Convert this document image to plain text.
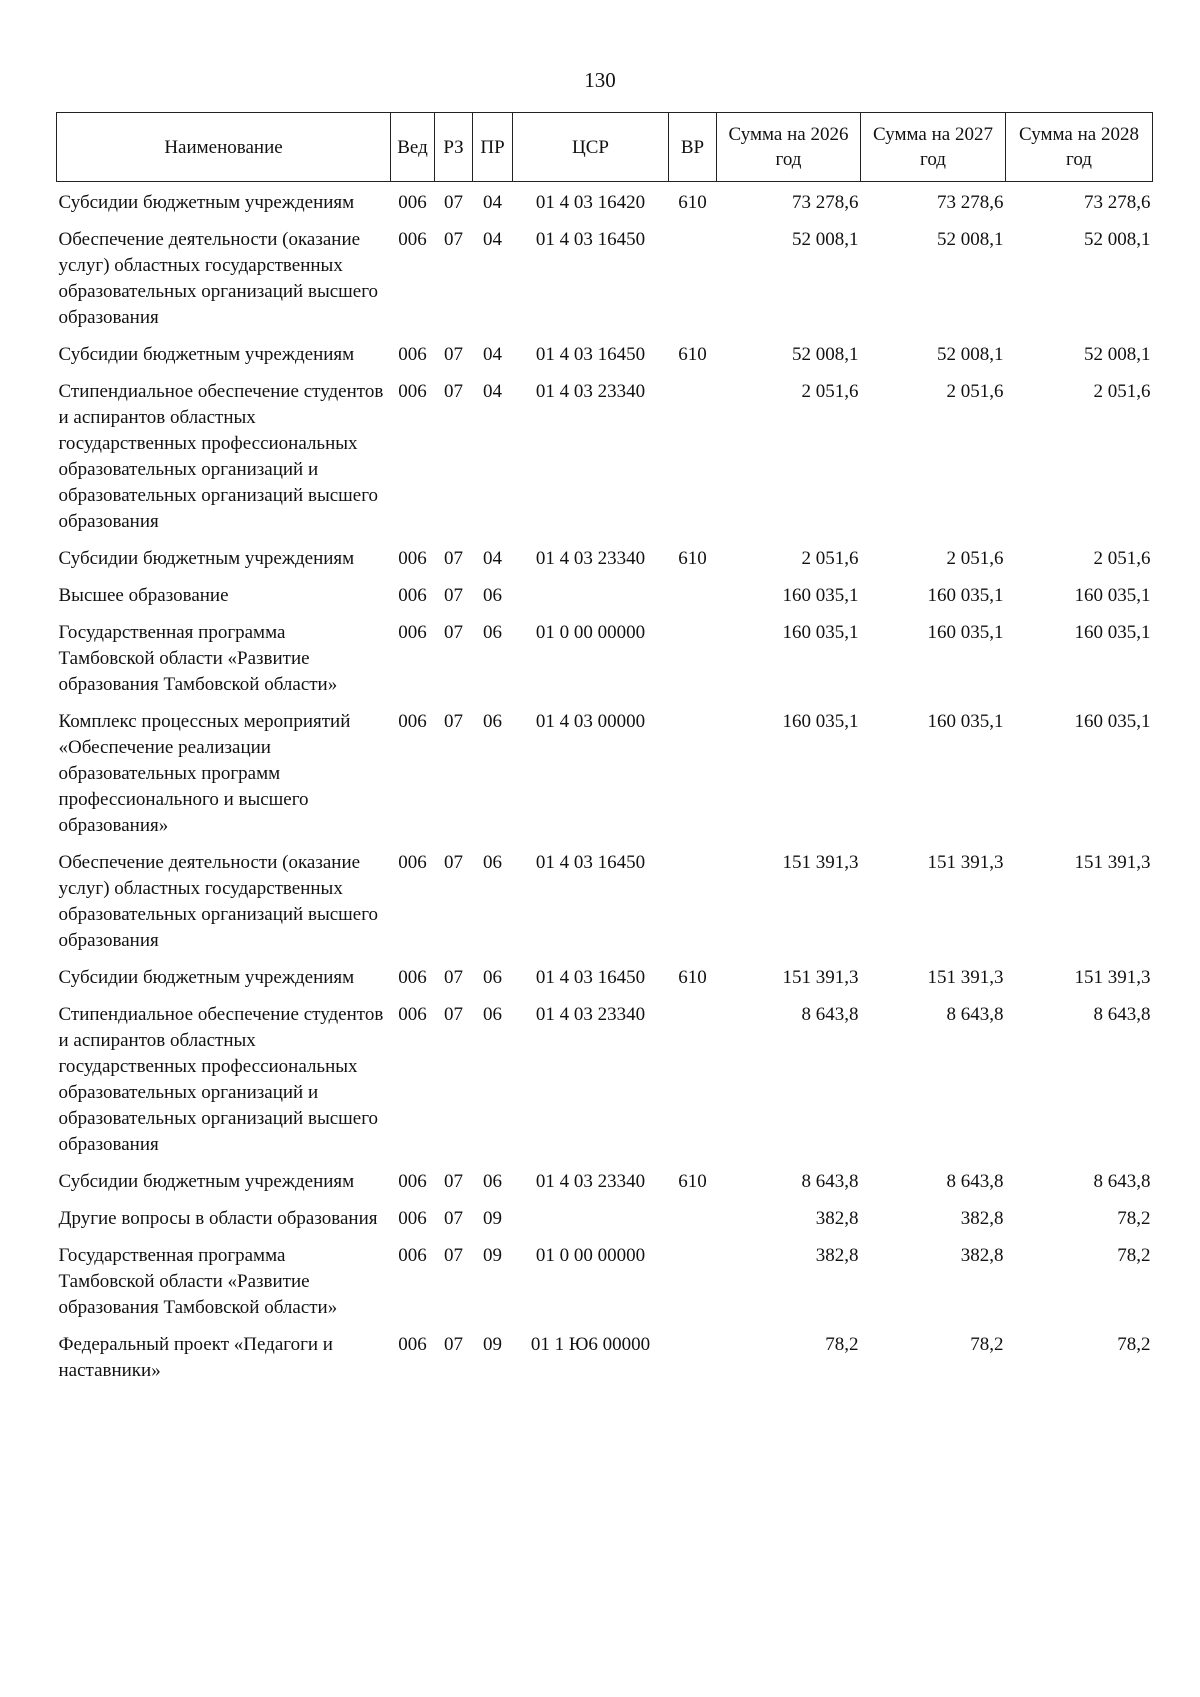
130
Наименование	Вед	РЗ	ПР	ЦСР	ВР	Сумма на 2026 год	Сумма на 2027 год	Сумма на 2028 год
Субсидии бюджетным учреждениям	006	07	04	01 4 03 16420	610	73 278,6	73 278,6	73 278,6
Обеспечение деятельности (оказание услуг) областных государственных образовательных организаций высшего образования	006	07	04	01 4 03 16450		52 008,1	52 008,1	52 008,1
Субсидии бюджетным учреждениям	006	07	04	01 4 03 16450	610	52 008,1	52 008,1	52 008,1
Стипендиальное обеспечение студентов и аспирантов областных государственных профессиональных образовательных организаций и образовательных организаций высшего образования	006	07	04	01 4 03 23340		2 051,6	2 051,6	2 051,6
Субсидии бюджетным учреждениям	006	07	04	01 4 03 23340	610	2 051,6	2 051,6	2 051,6
Высшее образование	006	07	06			160 035,1	160 035,1	160 035,1
Государственная программа Тамбовской области «Развитие образования Тамбовской области»	006	07	06	01 0 00 00000		160 035,1	160 035,1	160 035,1
Комплекс процессных мероприятий «Обеспечение реализации образовательных программ профессионального и высшего образования»	006	07	06	01 4 03 00000		160 035,1	160 035,1	160 035,1
Обеспечение деятельности (оказание услуг) областных государственных образовательных организаций высшего образования	006	07	06	01 4 03 16450		151 391,3	151 391,3	151 391,3
Субсидии бюджетным учреждениям	006	07	06	01 4 03 16450	610	151 391,3	151 391,3	151 391,3
Стипендиальное обеспечение студентов и аспирантов областных государственных профессиональных образовательных организаций и образовательных организаций высшего образования	006	07	06	01 4 03 23340		8 643,8	8 643,8	8 643,8
Субсидии бюджетным учреждениям	006	07	06	01 4 03 23340	610	8 643,8	8 643,8	8 643,8
Другие вопросы в области образования	006	07	09			382,8	382,8	78,2
Государственная программа Тамбовской области «Развитие образования Тамбовской области»	006	07	09	01 0 00 00000		382,8	382,8	78,2
Федеральный проект «Педагоги и наставники»	006	07	09	01 1 Ю6 00000		78,2	78,2	78,2
